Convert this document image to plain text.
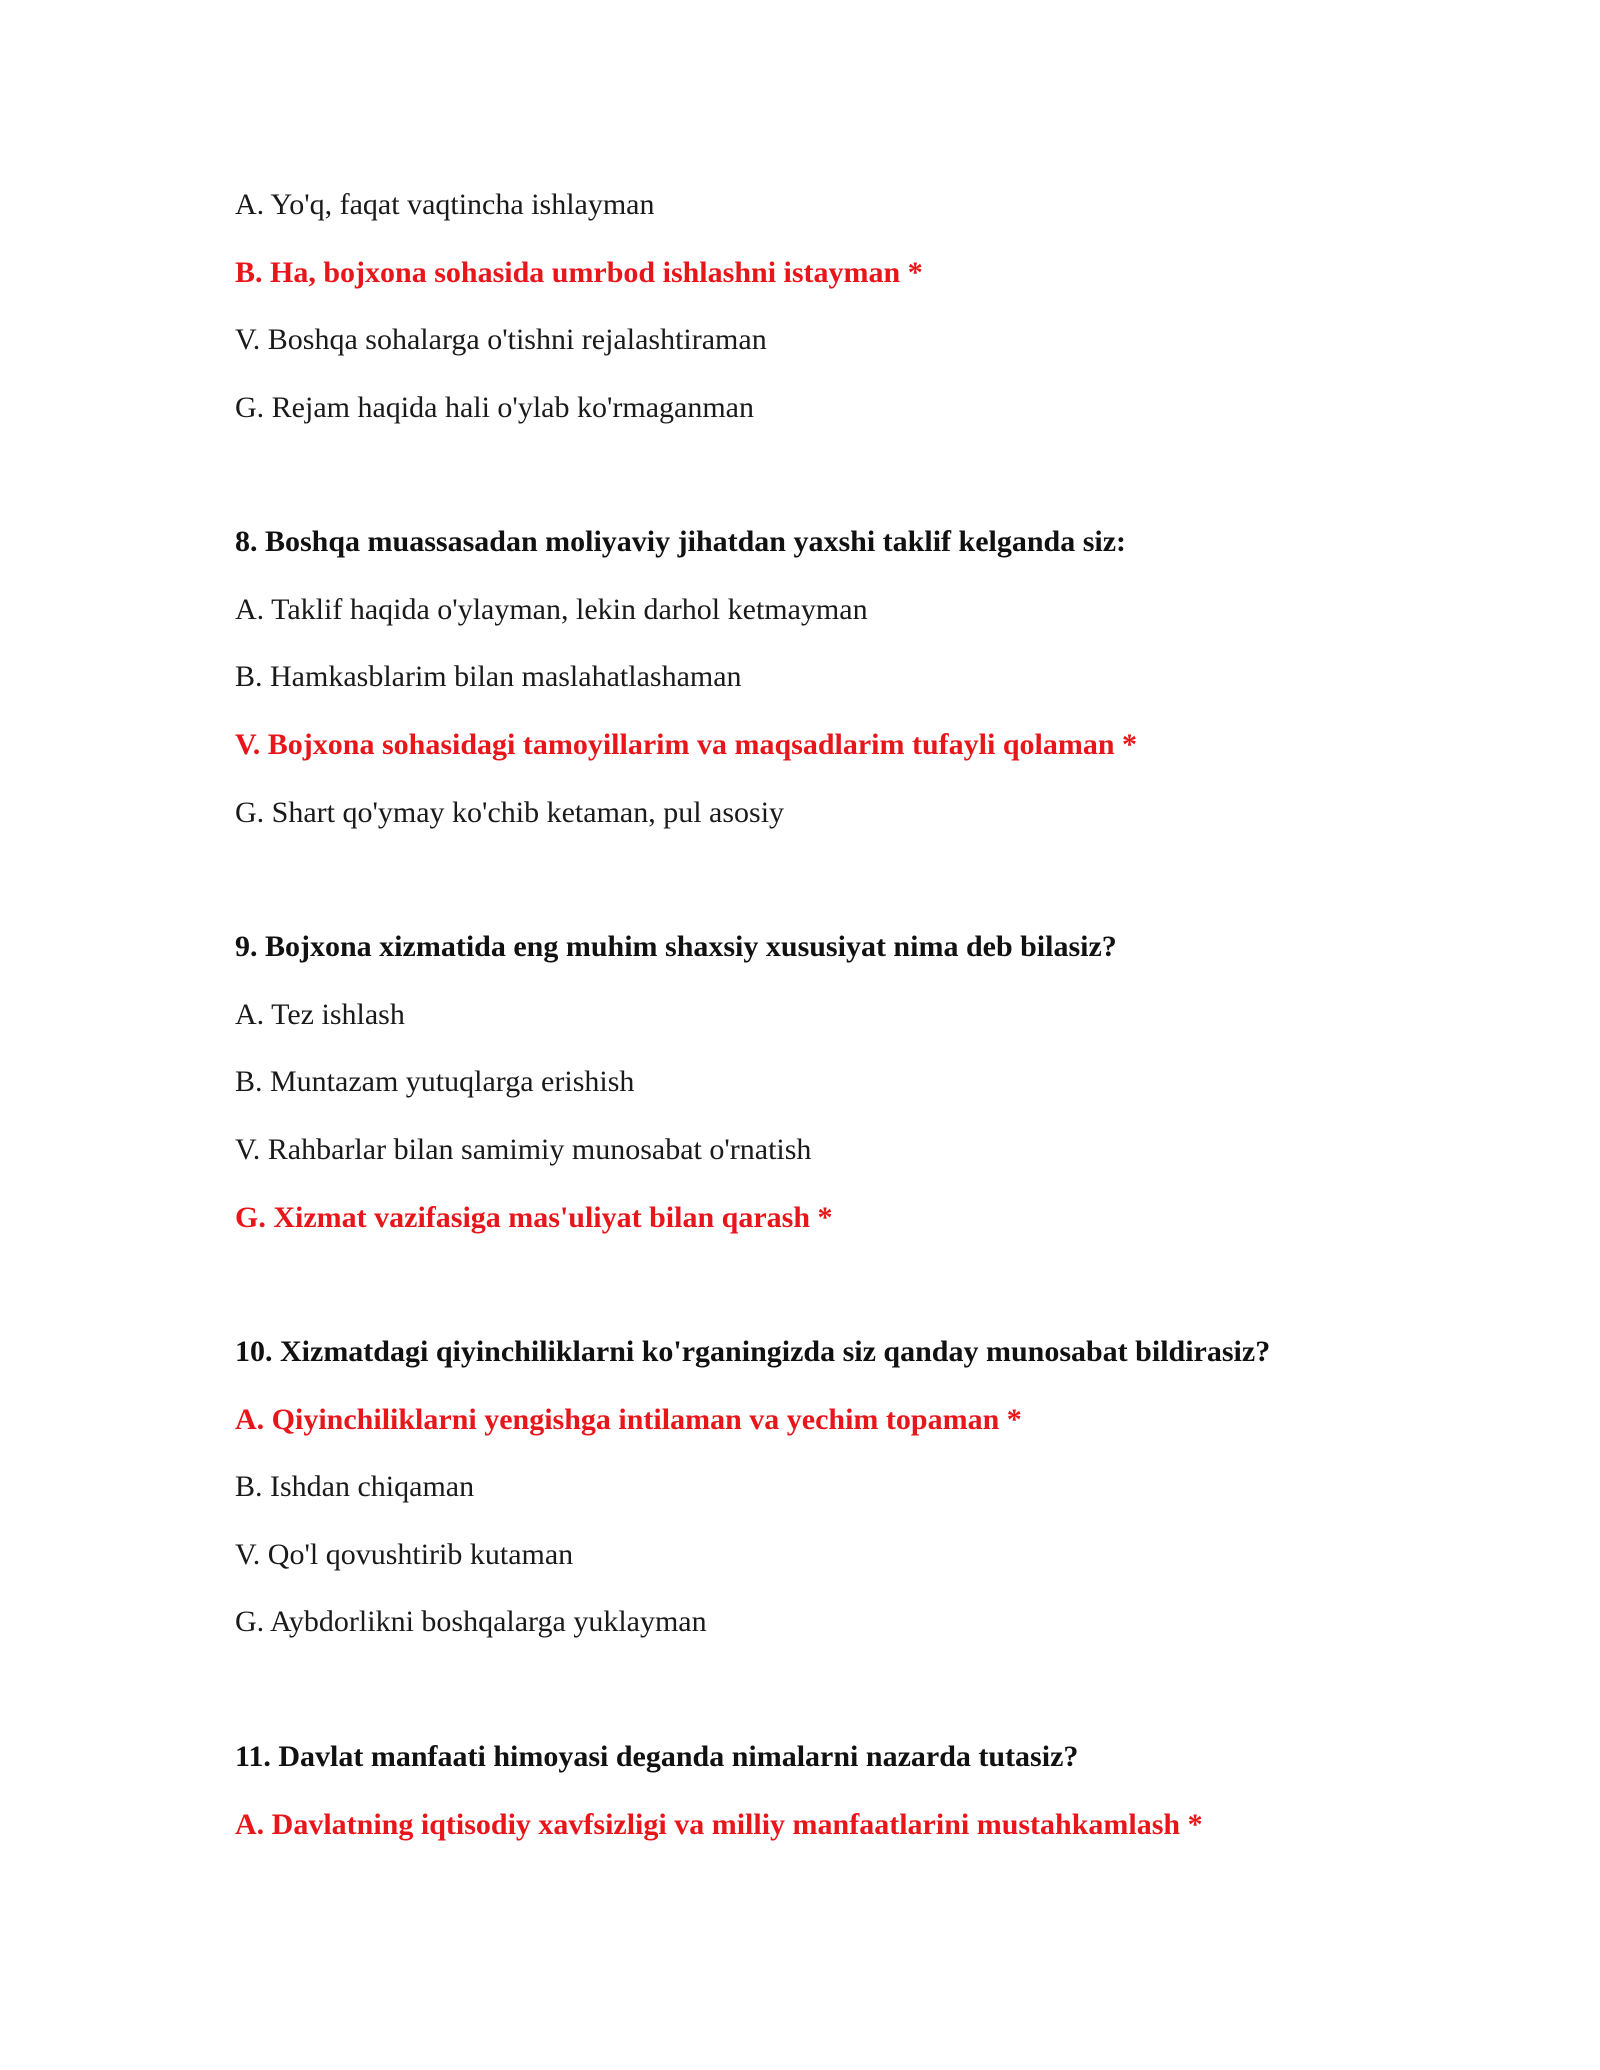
A. Yo'q, faqat vaqtincha ishlayman
B. Ha, bojxona sohasida umrbod ishlashni istayman *
V. Boshqa sohalarga o'tishni rejalashtiraman
G. Rejam haqida hali o'ylab ko'rmaganman
8. Boshqa muassasadan moliyaviy jihatdan yaxshi taklif kelganda siz:
A. Taklif haqida o'ylayman, lekin darhol ketmayman
B. Hamkasblarim bilan maslahatlashaman
V. Bojxona sohasidagi tamoyillarim va maqsadlarim tufayli qolaman *
G. Shart qo'ymay ko'chib ketaman, pul asosiy
9. Bojxona xizmatida eng muhim shaxsiy xususiyat nima deb bilasiz?
A. Tez ishlash
B. Muntazam yutuqlarga erishish
V. Rahbarlar bilan samimiy munosabat o'rnatish
G. Xizmat vazifasiga mas'uliyat bilan qarash *
10. Xizmatdagi qiyinchiliklarni ko'rganingizda siz qanday munosabat bildirasiz?
A. Qiyinchiliklarni yengishga intilaman va yechim topaman *
B. Ishdan chiqaman
V. Qo'l qovushtirib kutaman
G. Aybdorlikni boshqalarga yuklayman
11. Davlat manfaati himoyasi deganda nimalarni nazarda tutasiz?
A. Davlatning iqtisodiy xavfsizligi va milliy manfaatlarini mustahkamlash *
